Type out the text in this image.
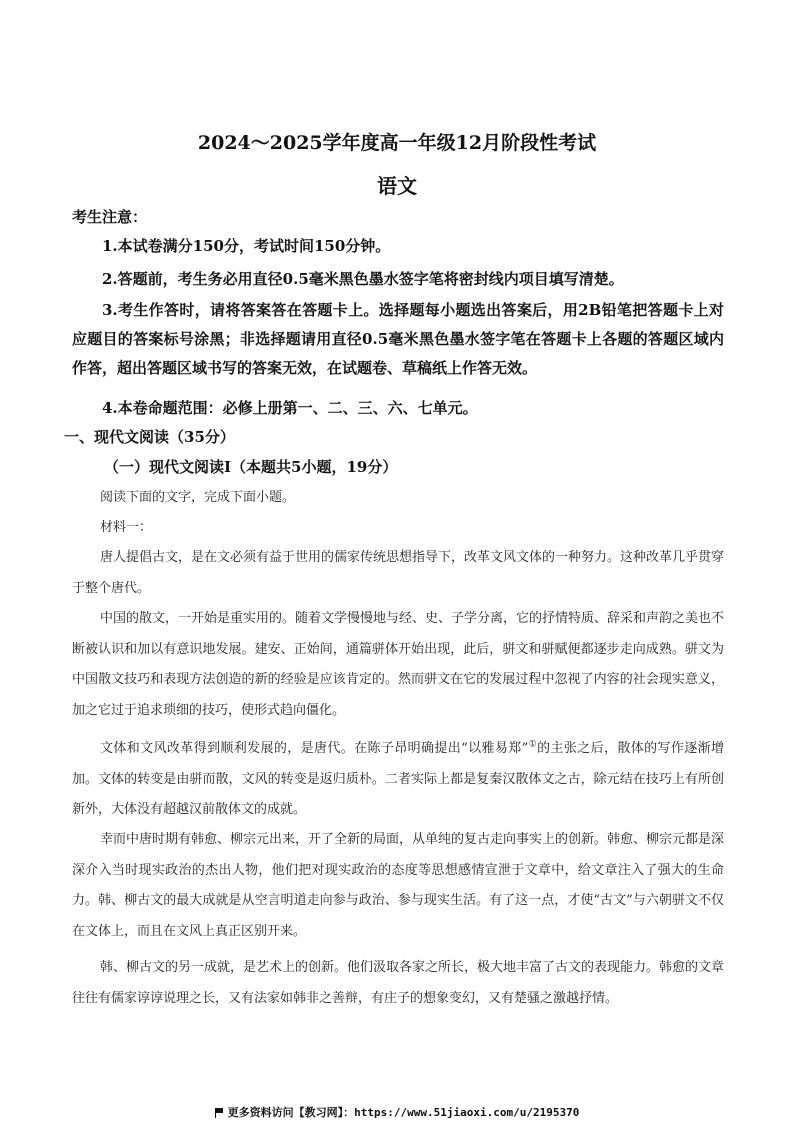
2024～2025学年度高一年级12月阶段性考试
语文
考生注意：

1.本试卷满分150分，考试时间150分钟。

2.答题前，考生务必用直径0.5毫米黑色墨水签字笔将密封线内项目填写清楚。

3.考生作答时，请将答案答在答题卡上。选择题每小题选出答案后，用2B铅笔把答题卡上对应题目的答案标号涂黑；非选择题请用直径0.5毫米黑色墨水签字笔在答题卡上各题的答题区域内作答，超出答题区域书写的答案无效，在试题卷、草稿纸上作答无效。

4.本卷命题范围：必修上册第一、二、三、六、七单元。

一、现代文阅读（35分）
（一）现代文阅读Ⅰ（本题共5小题，19分）

阅读下面的文字，完成下面小题。

材料一：

唐人提倡古文，是在文必须有益于世用的儒家传统思想指导下，改革文风文体的一种努力。这种改革几乎贯穿于整个唐代。

中国的散文，一开始是重实用的。随着文学慢慢地与经、史、子学分离，它的抒情特质、辞采和声韵之美也不断被认识和加以有意识地发展。建安、正始间，通篇骈体开始出现，此后，骈文和骈赋便都逐步走向成熟。骈文为中国散文技巧和表现方法创造的新的经验是应该肯定的。然而骈文在它的发展过程中忽视了内容的社会现实意义，加之它过于追求琐细的技巧，使形式趋向僵化。

文体和文风改革得到顺利发展的，是唐代。在陈子昂明确提出“以雅易郑”①的主张之后，散体的写作逐渐增加。文体的转变是由骈而散，文风的转变是返归质朴。二者实际上都是复秦汉散体文之古，除元结在技巧上有所创新外，大体没有超越汉前散体文的成就。

幸而中唐时期有韩愈、柳宗元出来，开了全新的局面，从单纯的复古走向事实上的创新。韩愈、柳宗元都是深深介入当时现实政治的杰出人物，他们把对现实政治的态度等思想感情宣泄于文章中，给文章注入了强大的生命力。韩、柳古文的最大成就是从空言明道走向参与政治、参与现实生活。有了这一点，才使“古文”与六朝骈文不仅在文体上，而且在文风上真正区别开来。

韩、柳古文的另一成就，是艺术上的创新。他们汲取各家之所长，极大地丰富了古文的表现能力。韩愈的文章往往有儒家谆谆说理之长，又有法家如韩非之善辩，有庄子的想象变幻，又有楚骚之激越抒情。

更多资料访问【教习网】：https://www.51jiaoxi.com/u/2195370
